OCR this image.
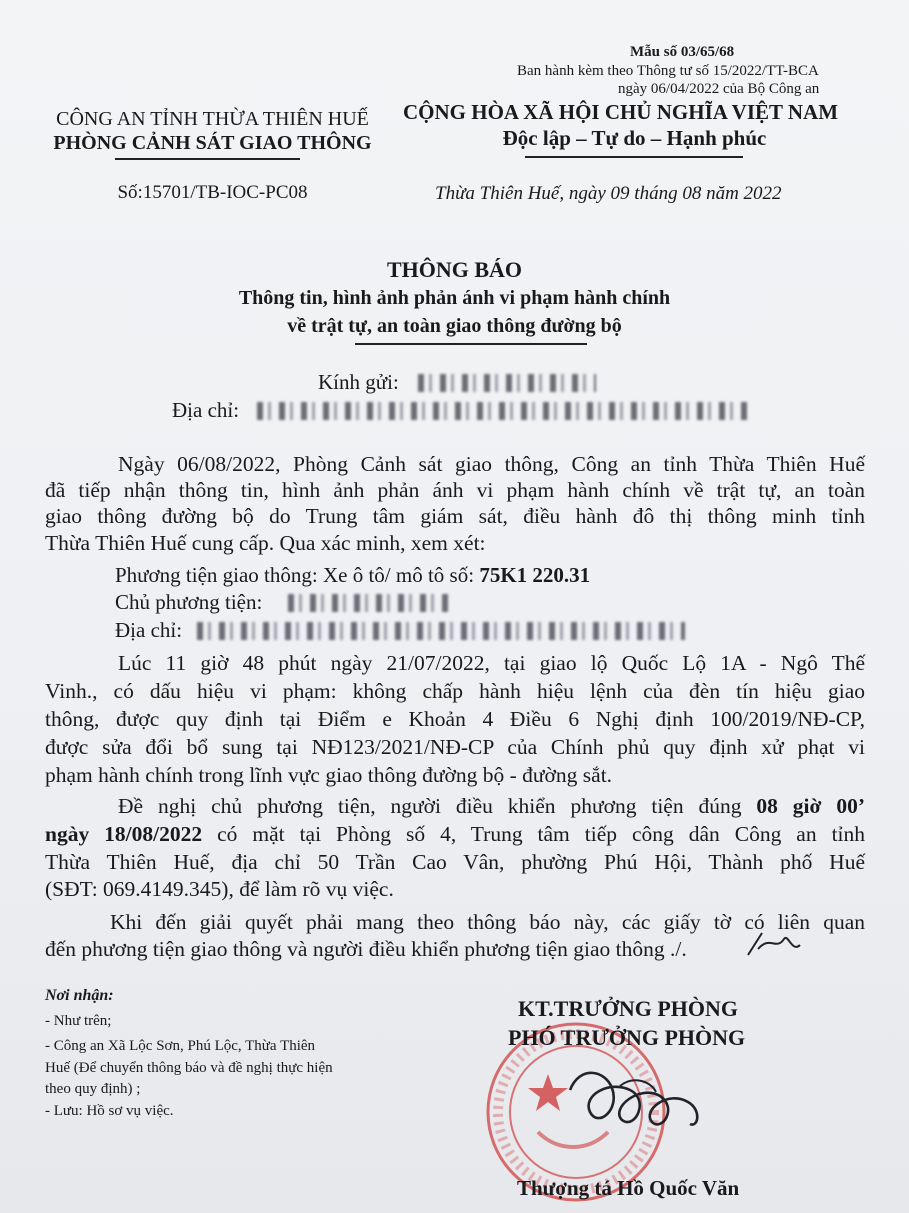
Mẫu số 03/65/68
Ban hành kèm theo Thông tư số 15/2022/TT-BCA
ngày 06/04/2022 của Bộ Công an
CÔNG AN TỈNH THỪA THIÊN HUẾ
PHÒNG CẢNH SÁT GIAO THÔNG
Số:15701/TB-IOC-PC08
CỘNG HÒA XÃ HỘI CHỦ NGHĨA VIỆT NAM
Độc lập – Tự do – Hạnh phúc
Thừa Thiên Huế, ngày 09 tháng 08 năm 2022
THÔNG BÁO
Thông tin, hình ảnh phản ánh vi phạm hành chính
về trật tự, an toàn giao thông đường bộ
Kính gửi:
Địa chỉ:
Ngày 06/08/2022, Phòng Cảnh sát giao thông, Công an tỉnh Thừa Thiên Huế
đã tiếp nhận thông tin, hình ảnh phản ánh vi phạm hành chính về trật tự, an toàn
giao thông đường bộ do Trung tâm giám sát, điều hành đô thị thông minh tỉnh
Thừa Thiên Huế cung cấp. Qua xác minh, xem xét:
Phương tiện giao thông: Xe ô tô/ mô tô số: 75K1 220.31
Chủ phương tiện:
Địa chỉ:
Lúc 11 giờ 48 phút ngày 21/07/2022, tại giao lộ Quốc Lộ 1A - Ngô Thế
Vinh., có dấu hiệu vi phạm: không chấp hành hiệu lệnh của đèn tín hiệu giao
thông, được quy định tại Điểm e Khoản 4 Điều 6 Nghị định 100/2019/NĐ-CP,
được sửa đổi bổ sung tại NĐ123/2021/NĐ-CP của Chính phủ quy định xử phạt vi
phạm hành chính trong lĩnh vực giao thông đường bộ - đường sắt.
Đề nghị chủ phương tiện, người điều khiển phương tiện đúng 08 giờ 00’
ngày 18/08/2022 có mặt tại Phòng số 4, Trung tâm tiếp công dân Công an tỉnh
Thừa Thiên Huế, địa chỉ 50 Trần Cao Vân, phường Phú Hội, Thành phố Huế
(SĐT: 069.4149.345), để làm rõ vụ việc.
Khi đến giải quyết phải mang theo thông báo này, các giấy tờ có liên quan
đến phương tiện giao thông và người điều khiển phương tiện giao thông ./.
Nơi nhận:
- Như trên;
- Công an Xã Lộc Sơn, Phú Lộc, Thừa Thiên
Huế (Để chuyển thông báo và đề nghị thực hiện
theo quy định) ;
- Lưu: Hồ sơ vụ việc.
KT.TRƯỞNG PHÒNG
PHÓ TRƯỞNG PHÒNG
Thượng tá Hồ Quốc Văn
